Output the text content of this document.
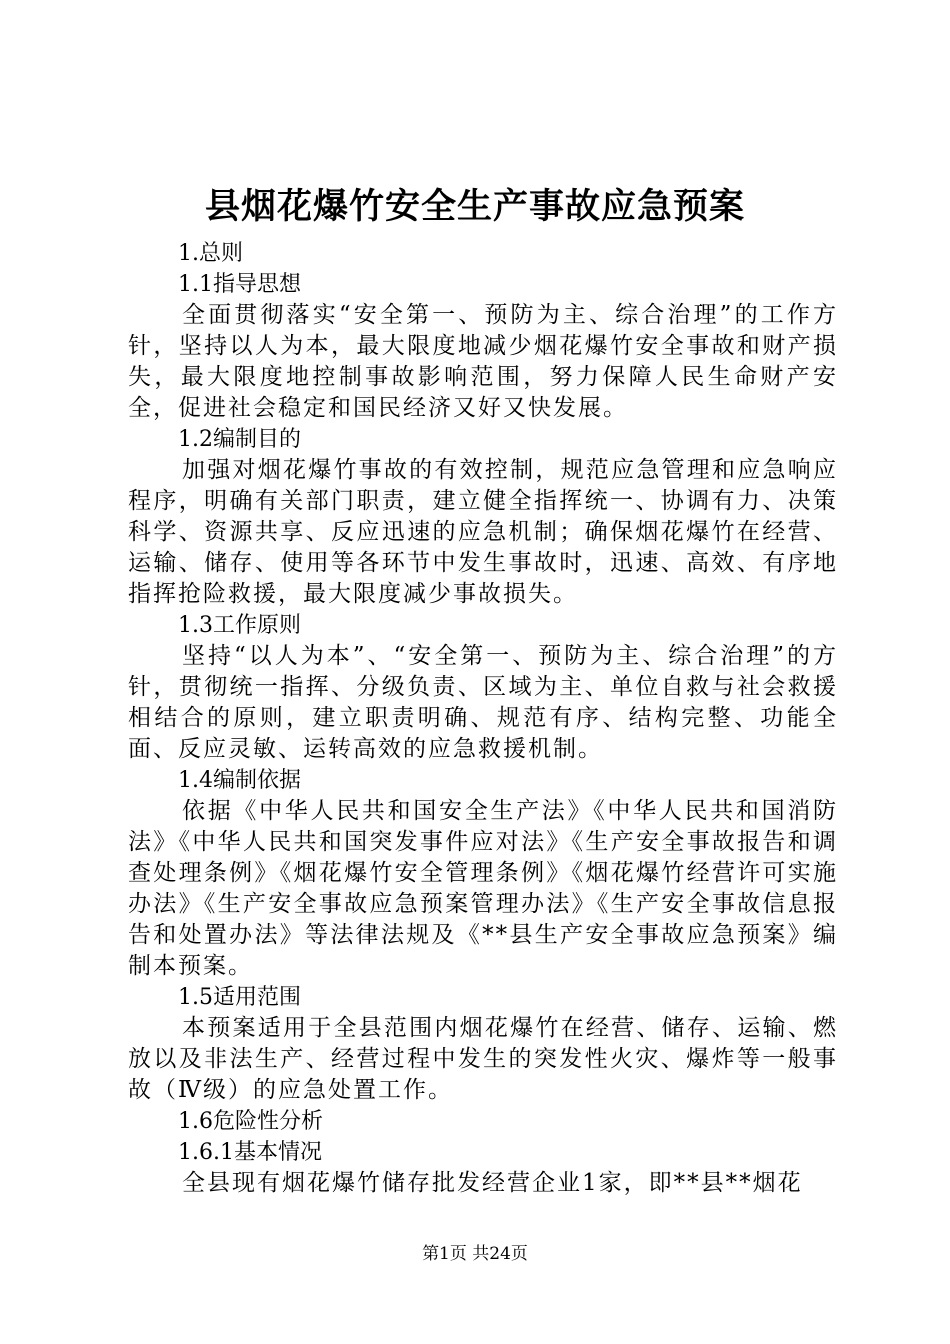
县烟花爆竹安全生产事故应急预案
1.总则
1.1指导思想

全面贯彻落实“安全第一、预防为主、综合治理”的工作方针，坚持以人为本，最大限度地减少烟花爆竹安全事故和财产损失，最大限度地控制事故影响范围，努力保障人民生命财产安全，促进社会稳定和国民经济又好又快发展。

1.2编制目的

加强对烟花爆竹事故的有效控制，规范应急管理和应急响应程序，明确有关部门职责，建立健全指挥统一、协调有力、决策科学、资源共享、反应迅速的应急机制；确保烟花爆竹在经营、运输、储存、使用等各环节中发生事故时，迅速、高效、有序地指挥抢险救援，最大限度减少事故损失。

1.3工作原则

坚持“以人为本”、“安全第一、预防为主、综合治理”的方针，贯彻统一指挥、分级负责、区域为主、单位自救与社会救援相结合的原则，建立职责明确、规范有序、结构完整、功能全面、反应灵敏、运转高效的应急救援机制。

1.4编制依据

依据《中华人民共和国安全生产法》《中华人民共和国消防法》《中华人民共和国突发事件应对法》《生产安全事故报告和调查处理条例》《烟花爆竹安全管理条例》《烟花爆竹经营许可实施办法》《生产安全事故应急预案管理办法》《生产安全事故信息报告和处置办法》等法律法规及《**县生产安全事故应急预案》编制本预案。

1.5适用范围

本预案适用于全县范围内烟花爆竹在经营、储存、运输、燃放以及非法生产、经营过程中发生的突发性火灾、爆炸等一般事故（Ⅳ级）的应急处置工作。

1.6危险性分析
1.6.1基本情况

全县现有烟花爆竹储存批发经营企业1家，即**县**烟花

第1页 共24页
